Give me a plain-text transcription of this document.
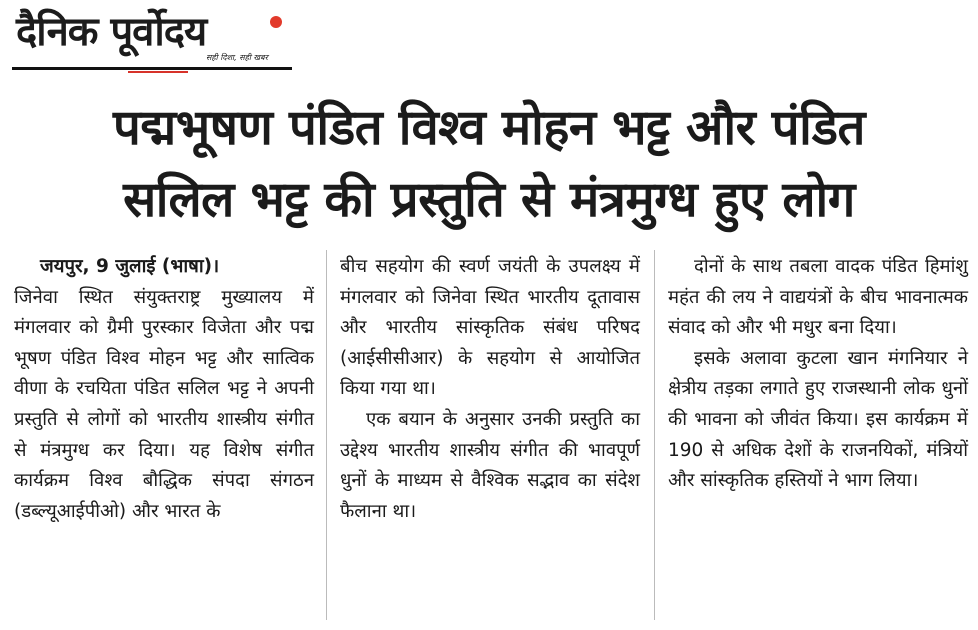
दैनिक पूर्वोदय
सही दिशा, सही खबर
पद्मभूषण पंडित विश्व मोहन भट्ट और पंडित
सलिल भट्ट की प्रस्तुति से मंत्रमुग्ध हुए लोग

जयपुर, 9 जुलाई (भाषा)।

जिनेवा स्थित संयुक्तराष्ट्र मुख्यालय में मंगलवार को ग्रैमी पुरस्कार विजेता और पद्म भूषण पंडित विश्व मोहन भट्ट और सात्विक वीणा के रचयिता पंडित सलिल भट्ट ने अपनी प्रस्तुति से लोगों को भारतीय शास्त्रीय संगीत से मंत्रमुग्ध कर दिया। यह विशेष संगीत कार्यक्रम विश्व बौद्धिक संपदा संगठन (डब्ल्यूआईपीओ) और भारत के

बीच सहयोग की स्वर्ण जयंती के उपलक्ष्य में मंगलवार को जिनेवा स्थित भारतीय दूतावास और भारतीय सांस्कृतिक संबंध परिषद (आईसीसीआर) के सहयोग से आयोजित किया गया था।

एक बयान के अनुसार उनकी प्रस्तुति का उद्देश्य भारतीय शास्त्रीय संगीत की भावपूर्ण धुनों के माध्यम से वैश्विक सद्भाव का संदेश फैलाना था।

दोनों के साथ तबला वादक पंडित हिमांशु महंत की लय ने वाद्ययंत्रों के बीच भावनात्मक संवाद को और भी मधुर बना दिया।

इसके अलावा कुटला खान मंगनियार ने क्षेत्रीय तड़का लगाते हुए राजस्थानी लोक धुनों की भावना को जीवंत किया। इस कार्यक्रम में 190 से अधिक देशों के राजनयिकों, मंत्रियों और सांस्कृतिक हस्तियों ने भाग लिया।
